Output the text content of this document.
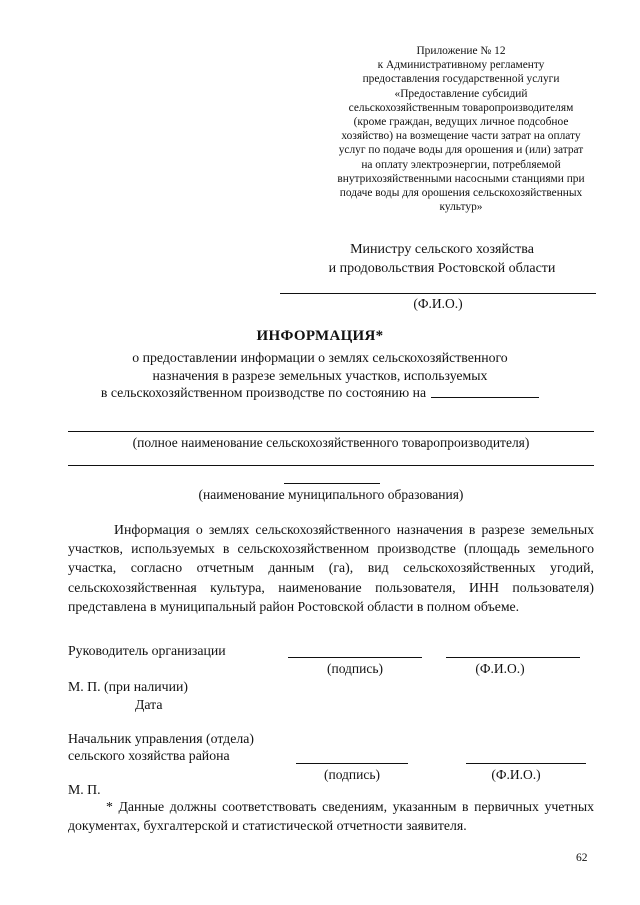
Приложение № 12
к Административному регламенту
предоставления государственной услуги
«Предоставление субсидий
сельскохозяйственным товаропроизводителям
(кроме граждан, ведущих личное подсобное
хозяйство) на возмещение части затрат на оплату
услуг по подаче воды для орошения и (или) затрат
на оплату электроэнергии, потребляемой
внутрихозяйственными насосными станциями при
подаче воды для орошения сельскохозяйственных
культур»
Министру сельского хозяйства
и продовольствия Ростовской области
(Ф.И.О.)
ИНФОРМАЦИЯ*
о предоставлении информации о землях сельскохозяйственного
назначения в разрезе земельных участков, используемых
в сельскохозяйственном производстве по состоянию на
(полное наименование сельскохозяйственного товаропроизводителя)
(наименование муниципального образования)
Информация о землях сельскохозяйственного назначения в разрезе земельных участков, используемых в сельскохозяйственном производстве (площадь земельного участка, согласно отчетным данным (га), вид сельскохозяйственных угодий, сельскохозяйственная культура, наименование пользователя, ИНН пользователя) представлена в муниципальный район Ростовской области в полном объеме.
Руководитель организации
(подпись)	(Ф.И.О.)
М. П. (при наличии)
Дата
Начальник управления (отдела)
сельского хозяйства района
(подпись)	(Ф.И.О.)
М. П.
* Данные должны соответствовать сведениям, указанным в первичных учетных документах, бухгалтерской и статистической отчетности заявителя.
62
